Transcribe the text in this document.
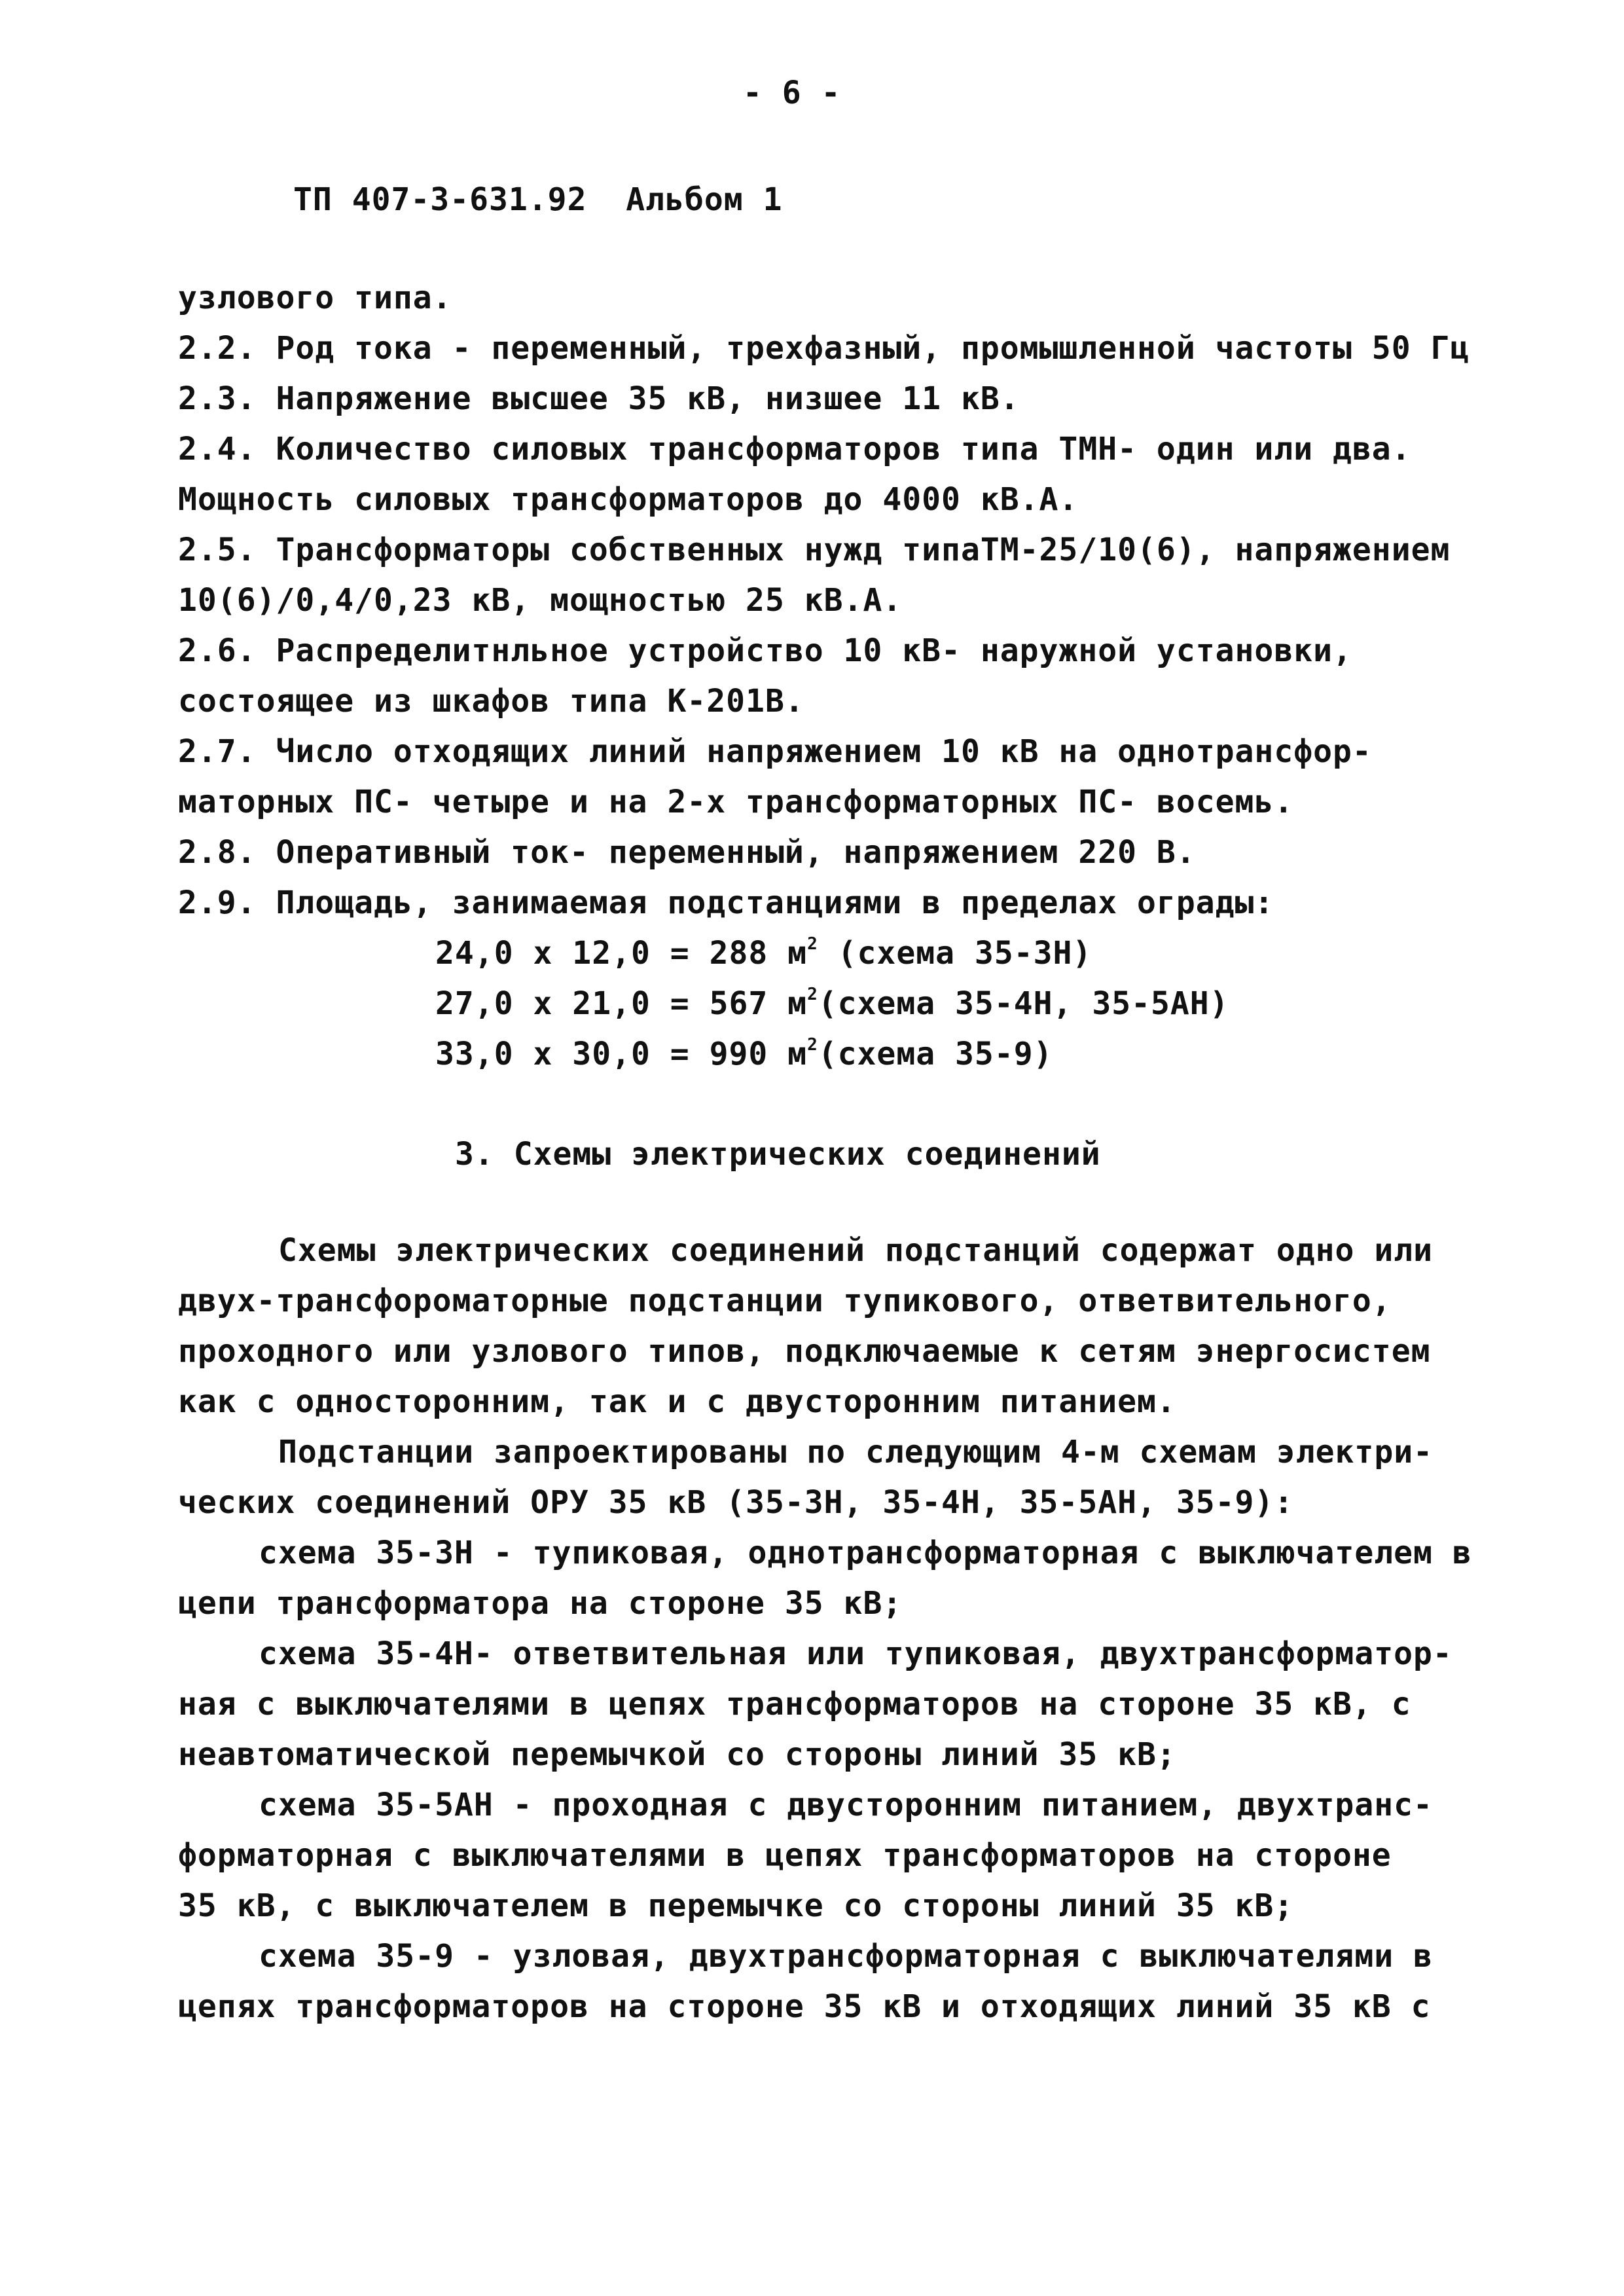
- 6 -
ТП 407-3-631.92  Альбом 1
узлового типа.
2.2. Род тока - переменный, трехфазный, промышленной частоты 50 Гц
2.3. Напряжение высшее 35 кВ, низшее 11 кВ.
2.4. Количество силовых трансформаторов типа ТМН- один или два.
Мощность силовых трансформаторов до 4000 кВ.А.
2.5. Трансформаторы собственных нужд типаТМ-25/10(6), напряжением
10(6)/0,4/0,23 кВ, мощностью 25 кВ.А.
2.6. Распределитнльное устройство 10 кВ- наружной установки,
состоящее из шкафов типа К-201В.
2.7. Число отходящих линий напряжением 10 кВ на однотрансфор-
маторных ПС- четыре и на 2-х трансформаторных ПС- восемь.
2.8. Оперативный ток- переменный, напряжением 220 В.
2.9. Площадь, занимаемая подстанциями в пределах ограды:
24,0 х 12,0 = 288 $м^2$ (схема 35-3Н)
27,0 х 21,0 = 567 $м^2(схема$ 35-4Н, 35-5АН)
33,0 х 30,0 = 990 $м^2(схема$ 35-9)
3. Схемы электрических соединений
Схемы электрических соединений подстанций содержат одно или
двух-трансфороматорные подстанции тупикового, ответвительного,
проходного или узлового типов, подключаемые к сетям энергосистем
как с односторонним, так и с двусторонним питанием.
Подстанции запроектированы по следующим 4-м схемам электри-
ческих соединений ОРУ 35 кВ (35-3Н, 35-4Н, 35-5АН, 35-9):
схема 35-3Н - тупиковая, однотрансформаторная с выключателем в
цепи трансформатора на стороне 35 кВ;
схема 35-4Н- ответвительная или тупиковая, двухтрансформатор-
ная с выключателями в цепях трансформаторов на стороне 35 кВ, с
неавтоматической перемычкой со стороны линий 35 кВ;
схема 35-5АН - проходная с двусторонним питанием, двухтранс-
форматорная с выключателями в цепях трансформаторов на стороне
35 кВ, с выключателем в перемычке со стороны линий 35 кВ;
схема 35-9 - узловая, двухтрансформаторная с выключателями в
цепях трансформаторов на стороне 35 кВ и отходящих линий 35 кВ с
